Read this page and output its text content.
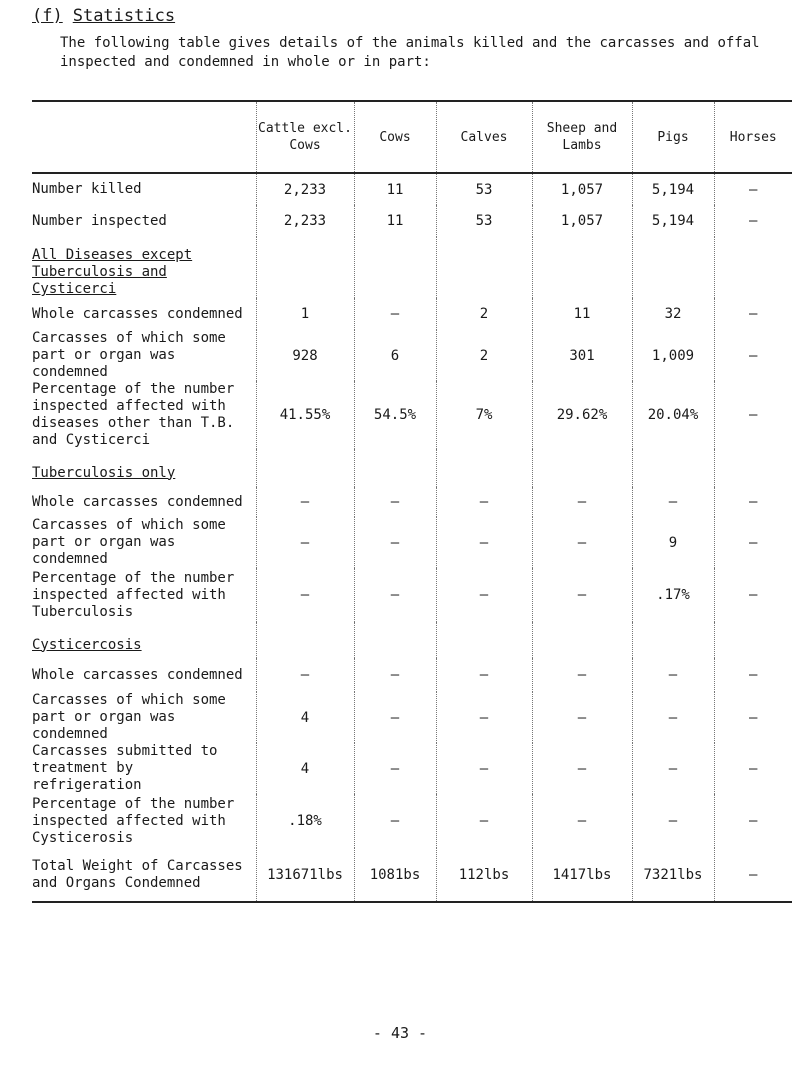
(f) Statistics
The following table gives details of the animals killed and the carcasses and offal inspected and condemned in whole or in part:
	Cattle excl. Cows	Cows	Calves	Sheep and Lambs	Pigs	Horses
Number killed	2,233	11	53	1,057	5,194	–
Number inspected	2,233	11	53	1,057	5,194	–
All Diseases except Tuberculosis and Cysticerci						
Whole carcasses condemned	1	–	2	11	32	–
Carcasses of which some part or organ was condemned	928	6	2	301	1,009	–
Percentage of the number inspected affected with diseases other than T.B. and Cysticerci	41.55%	54.5%	7%	29.62%	20.04%	–
Tuberculosis only						
Whole carcasses condemned	–	–	–	–	–	–
Carcasses of which some part or organ was condemned	–	–	–	–	9	–
Percentage of the number inspected affected with Tuberculosis	–	–	–	–	.17%	–
Cysticercosis						
Whole carcasses condemned	–	–	–	–	–	–
Carcasses of which some part or organ was condemned	4	–	–	–	–	–
Carcasses submitted to treatment by refrigeration	4	–	–	–	–	–
Percentage of the number inspected affected with Cysticerosis	.18%	–	–	–	–	–
Total Weight of Carcasses and Organs Condemned	131671lbs	1081bs	112lbs	1417lbs	7321lbs	–
- 43 -
